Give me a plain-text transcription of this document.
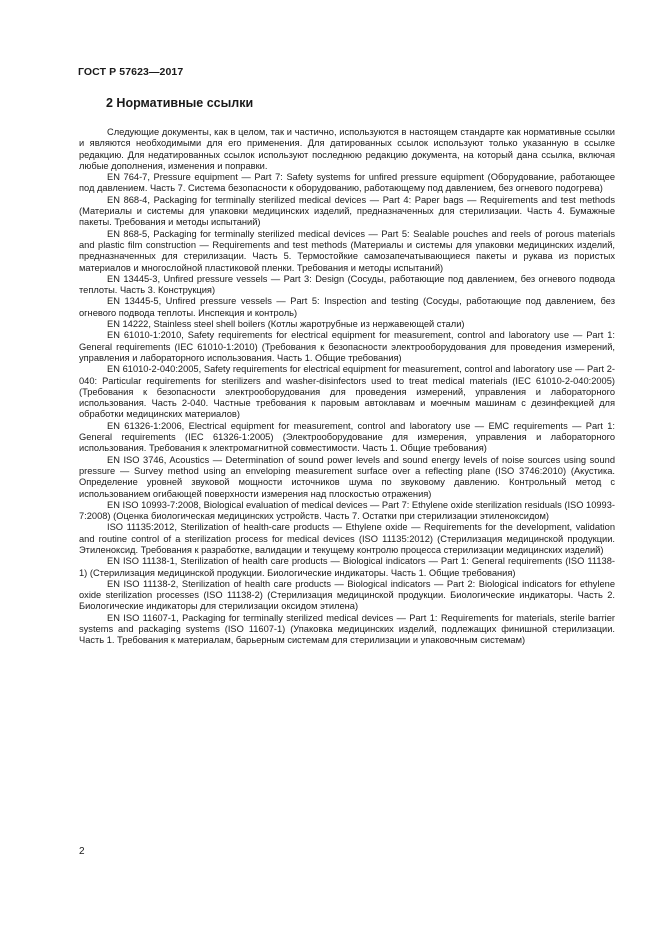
ГОСТ Р 57623—2017
2 Нормативные ссылки

Следующие документы, как в целом, так и частично, используются в настоящем стандарте как нормативные ссылки и являются необходимыми для его применения. Для датированных ссылок используют только указанную в ссылке редакцию. Для недатированных ссылок используют последнюю редакцию документа, на который дана ссылка, включая любые дополнения, изменения и поправки.

EN 764-7, Pressure equipment — Part 7: Safety systems for unfired pressure equipment (Оборудование, работающее под давлением. Часть 7. Система безопасности к оборудованию, работающему под давлением, без огневого подогрева)

EN 868-4, Packaging for terminally sterilized medical devices — Part 4: Paper bags — Requirements and test methods (Материалы и системы для упаковки медицинских изделий, предназначенных для стерилизации. Часть 4. Бумажные пакеты. Требования и методы испытаний)

EN 868-5, Packaging for terminally sterilized medical devices — Part 5: Sealable pouches and reels of porous materials and plastic film construction — Requirements and test methods (Материалы и системы для упаковки медицинских изделий, предназначенных для стерилизации. Часть 5. Термостойкие самозапечатывающиеся пакеты и рукава из пористых материалов и многослойной пластиковой пленки. Требования и методы испытаний)

EN 13445-3, Unfired pressure vessels — Part 3: Design (Сосуды, работающие под давлением, без огневого подвода теплоты. Часть 3. Конструкция)

EN 13445-5, Unfired pressure vessels — Part 5: Inspection and testing (Сосуды, работающие под давлением, без огневого подвода теплоты. Инспекция и контроль)

EN 14222, Stainless steel shell boilers (Котлы жаротрубные из нержавеющей стали)

EN 61010-1:2010, Safety requirements for electrical equipment for measurement, control and laboratory use — Part 1: General requirements (IEC 61010-1:2010) (Требования к безопасности электрооборудования для проведения измерений, управления и лабораторного использования. Часть 1. Общие требования)

EN 61010-2-040:2005, Safety requirements for electrical equipment for measurement, control and laboratory use — Part 2-040: Particular requirements for sterilizers and washer-disinfectors used to treat medical materials (IEC 61010-2-040:2005) (Требования к безопасности электрооборудования для проведения измерений, управления и лабораторного использования. Часть 2-040. Частные требования к паровым автоклавам и моечным машинам с дезинфекцией для обработки медицинских материалов)

EN 61326-1:2006, Electrical equipment for measurement, control and laboratory use — EMC requirements — Part 1: General requirements (IEC 61326-1:2005) (Электрооборудование для измерения, управления и лабораторного использования. Требования к электромагнитной совместимости. Часть 1. Общие требования)

EN ISO 3746, Acoustics — Determination of sound power levels and sound energy levels of noise sources using sound pressure — Survey method using an enveloping measurement surface over a reflecting plane (ISO 3746:2010) (Акустика. Определение уровней звуковой мощности источников шума по звуковому давлению. Контрольный метод с использованием огибающей поверхности измерения над плоскостью отражения)

EN ISO 10993-7:2008, Biological evaluation of medical devices — Part 7: Ethylene oxide sterilization residuals (ISO 10993-7:2008) (Оценка биологическая медицинских устройств. Часть 7. Остатки при стерилизации этиленоксидом)

ISO 11135:2012, Sterilization of health-care products — Ethylene oxide — Requirements for the development, validation and routine control of a sterilization process for medical devices (ISO 11135:2012) (Стерилизация медицинской продукции. Этиленоксид. Требования к разработке, валидации и текущему контролю процесса стерилизации медицинских изделий)

EN ISO 11138-1, Sterilization of health care products — Biological indicators — Part 1: General requirements (ISO 11138-1) (Стерилизация медицинской продукции. Биологические индикаторы. Часть 1. Общие требования)

EN ISO 11138-2, Sterilization of health care products — Biological indicators — Part 2: Biological indicators for ethylene oxide sterilization processes (ISO 11138-2) (Стерилизация медицинской продукции. Биологические индикаторы. Часть 2. Биологические индикаторы для стерилизации оксидом этилена)

EN ISO 11607-1, Packaging for terminally sterilized medical devices — Part 1: Requirements for materials, sterile barrier systems and packaging systems (ISO 11607-1) (Упаковка медицинских изделий, подлежащих финишной стерилизации. Часть 1. Требования к материалам, барьерным системам для стерилизации и упаковочным системам)

2
